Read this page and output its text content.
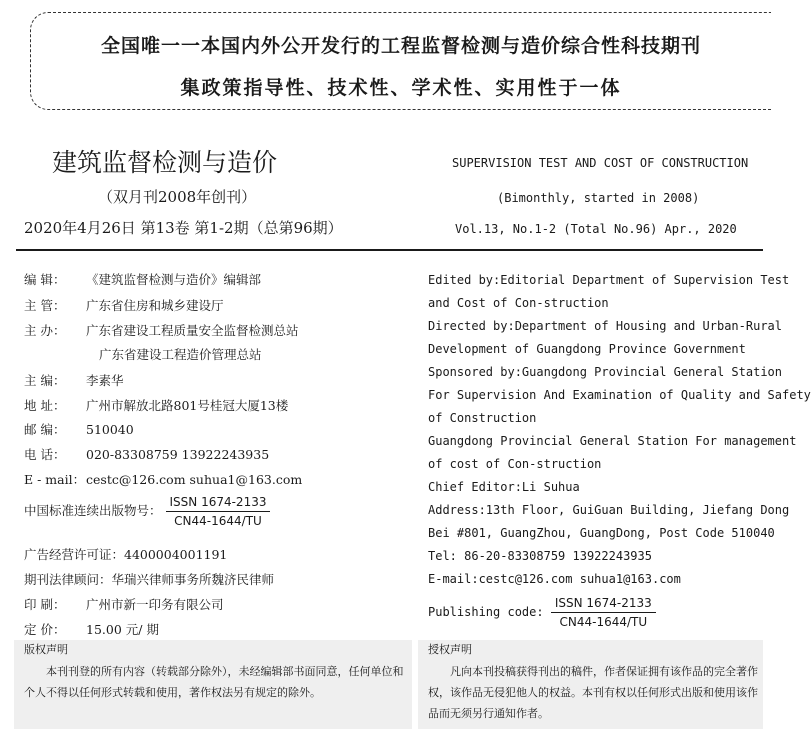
全国唯一一本国内外公开发行的工程监督检测与造价综合性科技期刊
集政策指导性、技术性、学术性、实用性于一体
建筑监督检测与造价
（双月刊2008年创刊）
2020年4月26日 第13卷 第1-2期（总第96期）
SUPERVISION TEST AND COST OF CONSTRUCTION
(Bimonthly, started in 2008)
Vol.13, No.1-2 (Total No.96) Apr., 2020
编 辑： 《建筑监督检测与造价》编辑部
主 管： 广东省住房和城乡建设厅
主 办： 广东省建设工程质量安全监督检测总站
广东省建设工程造价管理总站
主 编： 李素华
地 址： 广州市解放北路801号桂冠大厦13楼
邮 编： 510040
电 话： 020-83308759 13922243935
E - mail：cestc@126.com suhua1@163.com
中国标准连续出版物号：
ISSN 1674-2133
CN44-1644/TU
广告经营许可证：4400004001191
期刊法律顾问：华瑞兴律师事务所魏济民律师
印 刷： 广州市新一印务有限公司
定 价： 15.00 元/ 期
Edited by:Editorial Department of Supervision Test
and Cost of Con-struction
Directed by:Department of Housing and Urban-Rural
Development of Guangdong Province Government
Sponsored by:Guangdong Provincial General Station
For Supervision And Examination of Quality and Safety
of Construction
Guangdong Provincial General Station For management
of cost of Con-struction
Chief Editor:Li Suhua
Address:13th Floor, GuiGuan Building, Jiefang Dong
Bei #801, GuangZhou, GuangDong, Post Code 510040
Tel: 86-20-83308759 13922243935
E-mail:cestc@126.com suhua1@163.com
Publishing code:
ISSN 1674-2133
CN44-1644/TU
版权声明
本刊刊登的所有内容（转载部分除外），未经编辑部书面同意，任何单位和个人不得以任何形式转载和使用，著作权法另有规定的除外。
授权声明
凡向本刊投稿获得刊出的稿件，作者保证拥有该作品的完全著作
权，该作品无侵犯他人的权益。本刊有权以任何形式出版和使用该作
品而无须另行通知作者。
